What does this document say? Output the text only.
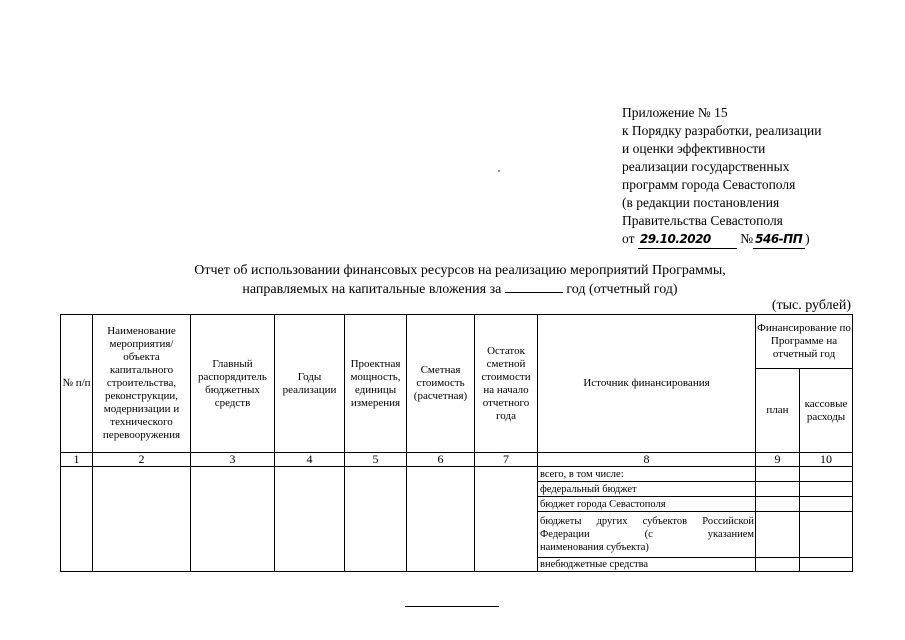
Приложение № 15
к Порядку разработки, реализации
и оценки эффективности
реализации государственных
программ города Севастополя
(в редакции постановления
Правительства Севастополя
от 29.10.2020 № 546-ПП )
Отчет об использовании финансовых ресурсов на реализацию мероприятий Программы,
направляемых на капитальные вложения за	год (отчетный год)
(тыс. рублей)
№ п/п	Наименование мероприятия/ объекта капитального строительства, реконструкции, модернизации и технического перевооружения	Главный распорядитель бюджетных средств	Годы реализации	Проектная мощность, единицы измерения	Сметная стоимость (расчетная)	Остаток сметной стоимости на начало отчетного года	Источник финансирования	Финансирование по Программе на отчетный год	
								план	кассовые расходы
1	2	3	4	5	6	7	8	9	10
							всего, в том числе:		
							федеральный бюджет		
							бюджет города Севастополя		

							бюджеты других субъектов Российской Федерации (с указанием
наименования субъекта)		

							внебюджетные средства		
